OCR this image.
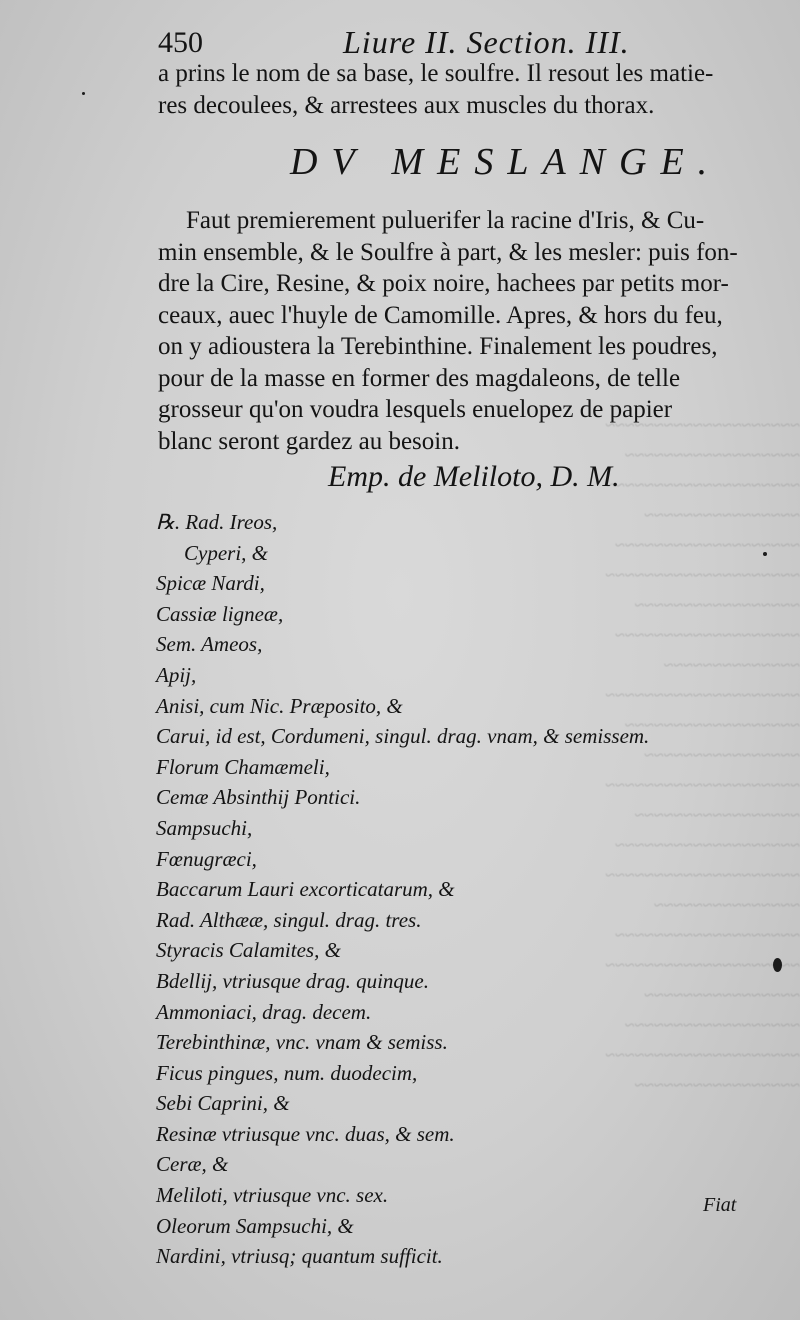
~~~~~~~~~~~~~~~~~~~~
~~~~~~~~~~~~~~~~~~
~~~~~~~~~~~~~~~~~~~~
~~~~~~~~~~~~~~~~
~~~~~~~~~~~~~~~~~~~
~~~~~~~~~~~~~~~~~~~~
~~~~~~~~~~~~~~~~~
~~~~~~~~~~~~~~~~~~~
~~~~~~~~~~~~~~
~~~~~~~~~~~~~~~~~~~~
~~~~~~~~~~~~~~~~~~
~~~~~~~~~~~~~~~~
~~~~~~~~~~~~~~~~~~~~
~~~~~~~~~~~~~~~~~
~~~~~~~~~~~~~~~~~~~
~~~~~~~~~~~~~~~~~~~~
~~~~~~~~~~~~~~~
~~~~~~~~~~~~~~~~~~~
~~~~~~~~~~~~~~~~~~~~
~~~~~~~~~~~~~~~~
~~~~~~~~~~~~~~~~~~
~~~~~~~~~~~~~~~~~~~~
~~~~~~~~~~~~~~~~~
450	Liure II. Section. III.
a prins le nom de sa base, le soulfre. Il resout les matie-
res decoulees, & arrestees aux muscles du thorax.
DV MESLANGE.
Faut premierement puluerifer la racine d'Iris, & Cu-
min ensemble, & le Soulfre à part, & les mesler: puis fon-
dre la Cire, Resine, & poix noire, hachees par petits mor-
ceaux, auec l'huyle de Camomille. Apres, & hors du feu,
on y adioustera la Terebinthine. Finalement les poudres,
pour de la masse en former des magdaleons, de telle
grosseur qu'on voudra lesquels enuelopez de papier
blanc seront gardez au besoin.
Emp. de Meliloto, D. M.
℞. Rad. Ireos,
Cyperi, &
Spicæ Nardi,
Cassiæ ligneæ,
Sem. Ameos,
Apij,
Anisi, cum Nic. Præposito, &
Carui, id est, Cordumeni, singul. drag. vnam, & semissem.
Florum Chamæmeli,
Cemæ Absinthij Pontici.
Sampsuchi,
Fœnugræci,
Baccarum Lauri excorticatarum, &
Rad. Althææ, singul. drag. tres.
Styracis Calamites, &
Bdellij, vtriusque drag. quinque.
Ammoniaci, drag. decem.
Terebinthinæ, vnc. vnam & semiss.
Ficus pingues, num. duodecim,
Sebi Caprini, &
Resinæ vtriusque vnc. duas, & sem.
Ceræ, &
Meliloti, vtriusque vnc. sex.
Oleorum Sampsuchi, &
Nardini, vtriusq; quantum sufficit.
Fiat
